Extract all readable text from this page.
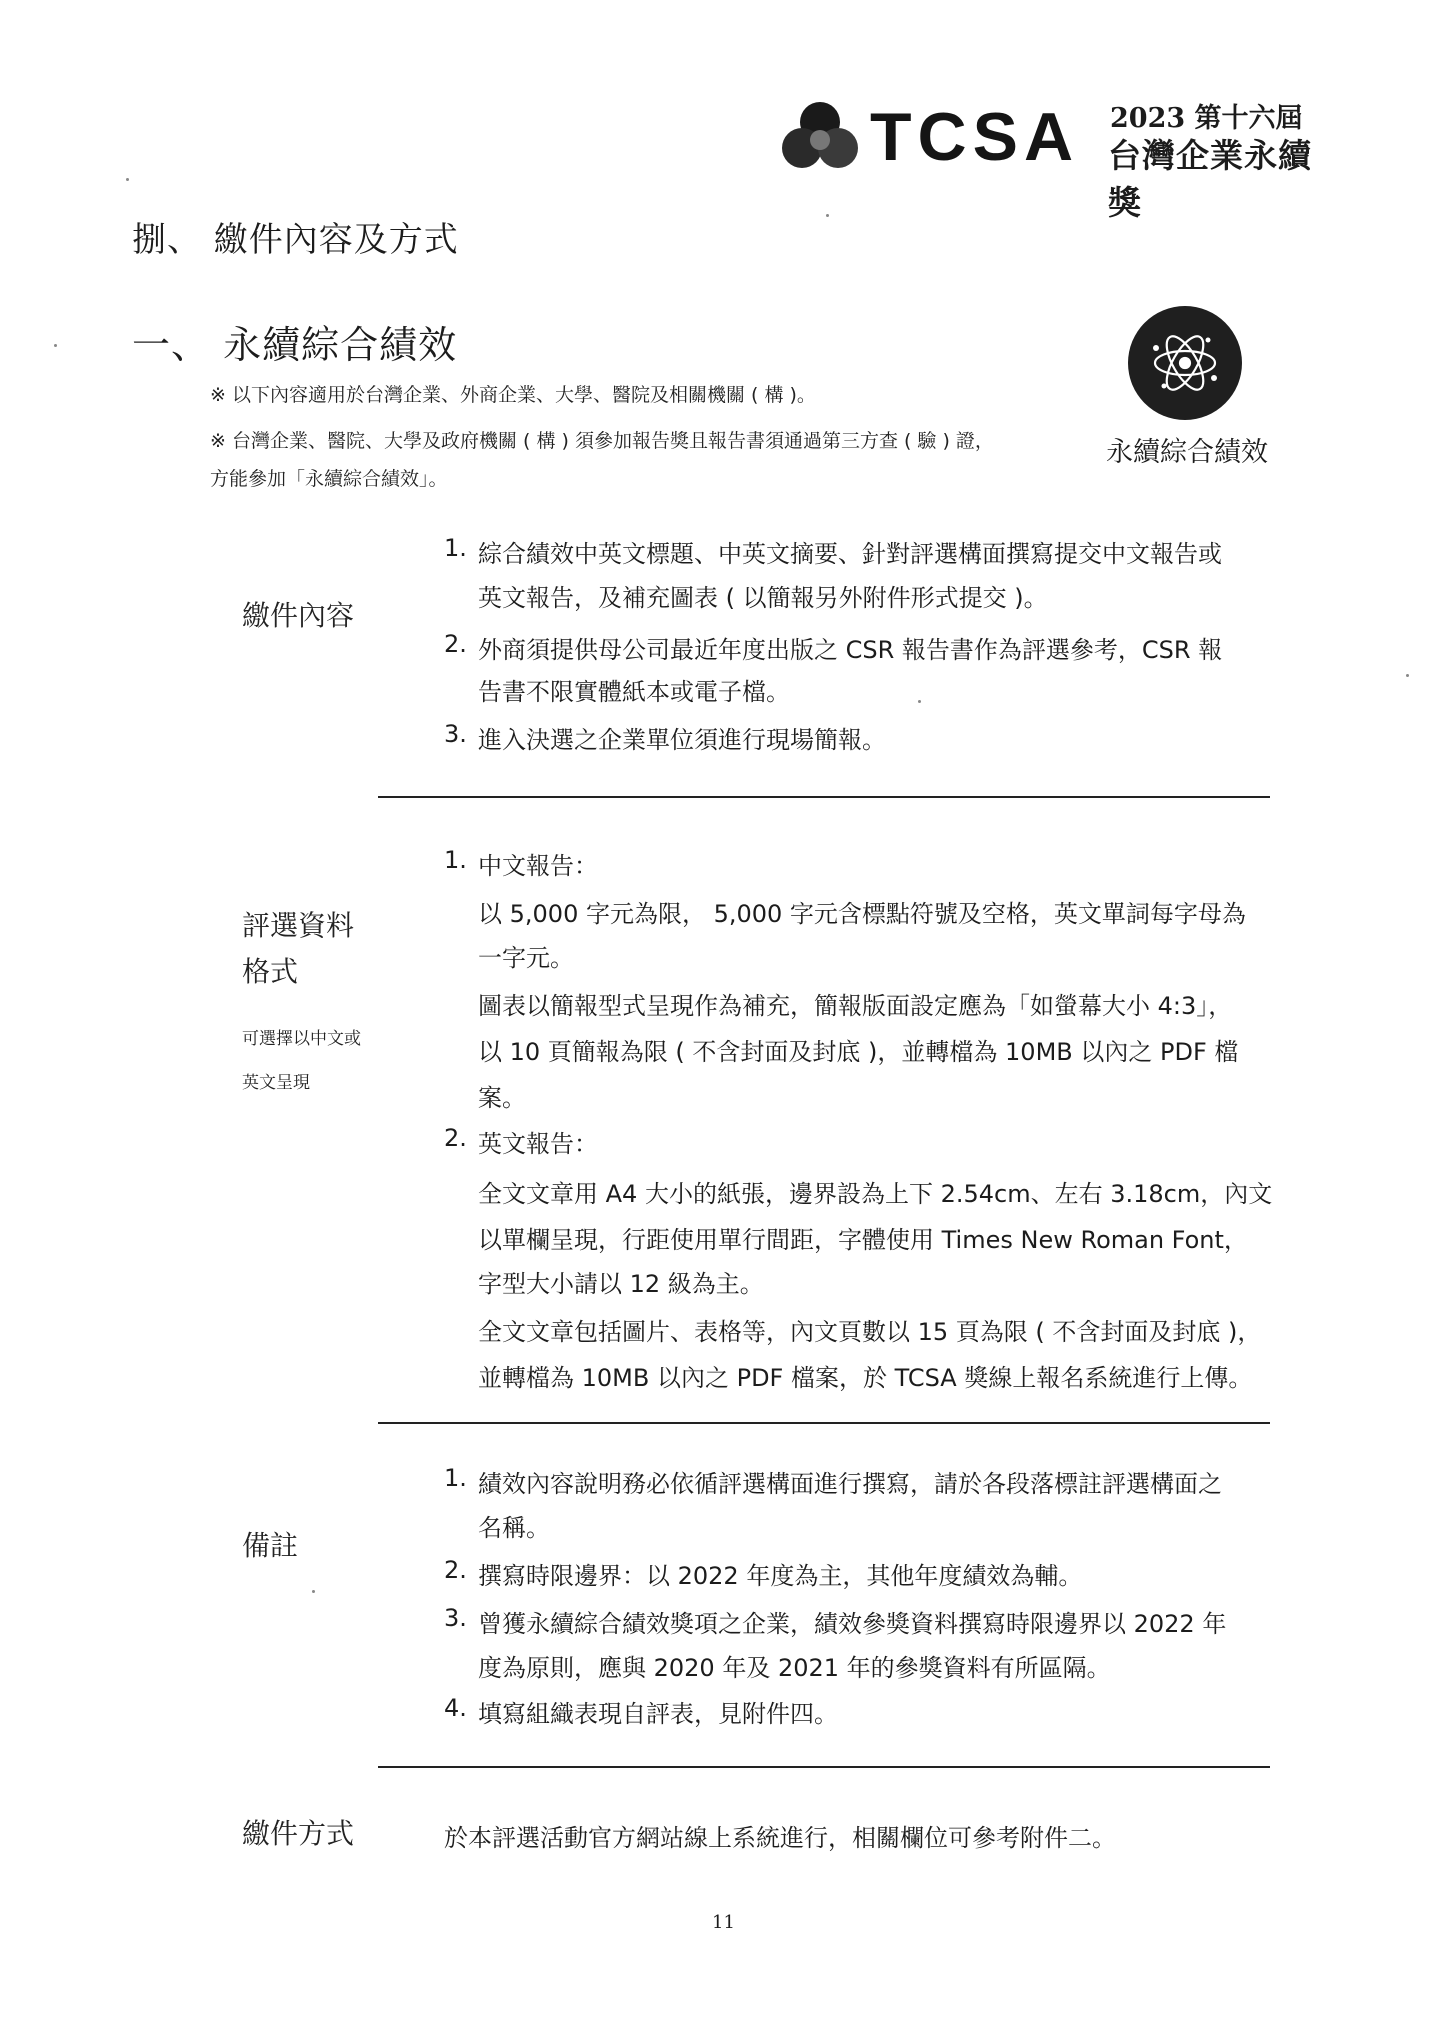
TCSA 2023 第十六屆
台灣企業永續獎
捌、 繳件內容及方式
一、 永續綜合績效
※ 以下內容適用於台灣企業、外商企業、大學、醫院及相關機關 ( 構 )。
※ 台灣企業、醫院、大學及政府機關 ( 構 ) 須參加報告獎且報告書須通過第三方查 ( 驗 ) 證，
方能參加「永續綜合績效」。
永續綜合績效
繳件內容
1. 綜合績效中英文標題、中英文摘要、針對評選構面撰寫提交中文報告或
英文報告，及補充圖表 ( 以簡報另外附件形式提交 )。
2. 外商須提供母公司最近年度出版之 CSR 報告書作為評選參考，CSR 報
告書不限實體紙本或電子檔。
3. 進入決選之企業單位須進行現場簡報。
評選資料
格式
可選擇以中文或
英文呈現
1. 中文報告：
以 5,000 字元為限， 5,000 字元含標點符號及空格，英文單詞每字母為
一字元。
圖表以簡報型式呈現作為補充，簡報版面設定應為「如螢幕大小 4:3」，
以 10 頁簡報為限 ( 不含封面及封底 )，並轉檔為 10MB 以內之 PDF 檔
案。
2. 英文報告：
全文文章用 A4 大小的紙張，邊界設為上下 2.54cm、左右 3.18cm，內文
以單欄呈現，行距使用單行間距，字體使用 Times New Roman Font，
字型大小請以 12 級為主。
全文文章包括圖片、表格等，內文頁數以 15 頁為限 ( 不含封面及封底 )，
並轉檔為 10MB 以內之 PDF 檔案，於 TCSA 獎線上報名系統進行上傳。
備註
1. 績效內容說明務必依循評選構面進行撰寫，請於各段落標註評選構面之
名稱。
2. 撰寫時限邊界：以 2022 年度為主，其他年度績效為輔。
3. 曾獲永續綜合績效獎項之企業，績效參獎資料撰寫時限邊界以 2022 年
度為原則，應與 2020 年及 2021 年的參獎資料有所區隔。
4. 填寫組織表現自評表，見附件四。
繳件方式	於本評選活動官方網站線上系統進行，相關欄位可參考附件二。
11
